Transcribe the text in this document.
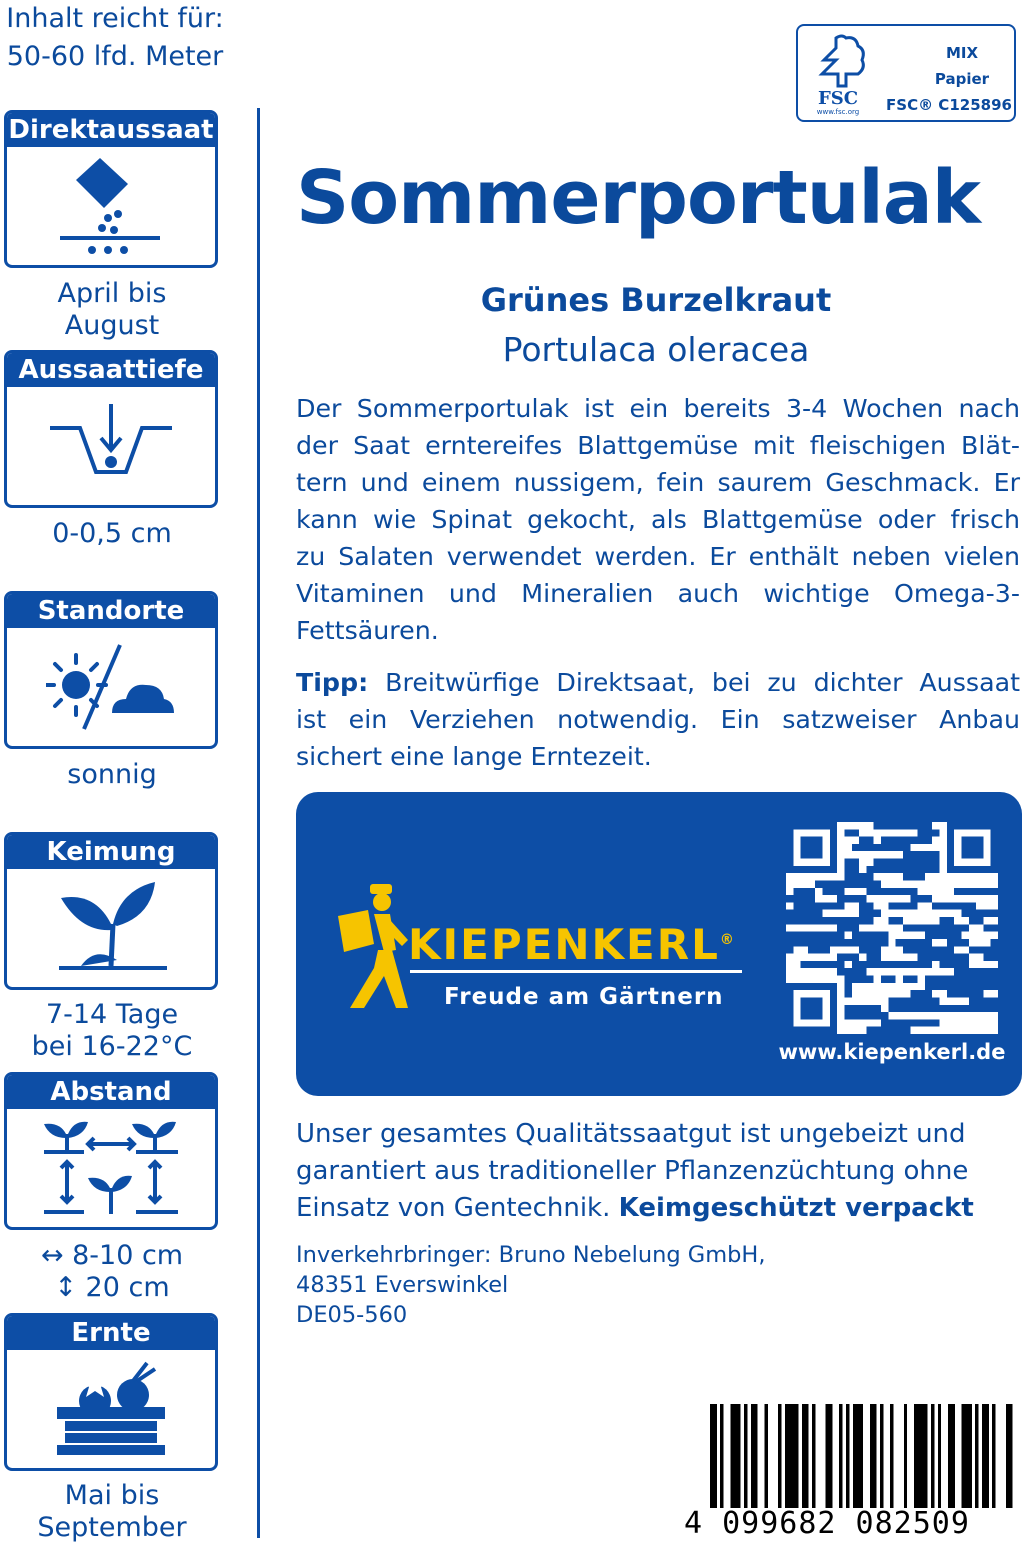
Inhalt reicht für:
50-60 lfd. Meter
Direktaussaat
April bis
August
Aussaattiefe
0-0,5 cm
Standorte
sonnig
Keimung
7-14 Tage
bei 16-22°C
Abstand
↔ 8-10 cm
↕ 20 cm
Ernte
Mai bis
September
FSC
www.fsc.org
MIX
Papier
FSC® C125896
Sommerportulak
Grünes Burzelkraut
Portulaca oleracea
Der Sommerportulak ist ein bereits 3-4 Wochen nach
der Saat erntereifes Blattgemüse mit fleischigen Blät-
tern und einem nussigem, fein saurem Geschmack. Er
kann wie Spinat gekocht, als Blattgemüse oder frisch
zu Salaten verwendet werden. Er enthält neben vielen
Vitaminen und Mineralien auch wichtige Omega-3-
Fettsäuren.
Tipp: Breitwürfige Direktsaat, bei zu dichter Aussaat
ist ein Verziehen notwendig. Ein satzweiser Anbau
sichert eine lange Erntezeit.
KIEPENKERL®
Freude am Gärtnern
www.kiepenkerl.de
Unser gesamtes Qualitätssaatgut ist ungebeizt und
garantiert aus traditioneller Pflanzenzüchtung ohne
Einsatz von Gentechnik. Keimgeschützt verpackt
Inverkehrbringer: Bruno Nebelung GmbH,
48351 Everswinkel
DE05-560
4 099682 082509
